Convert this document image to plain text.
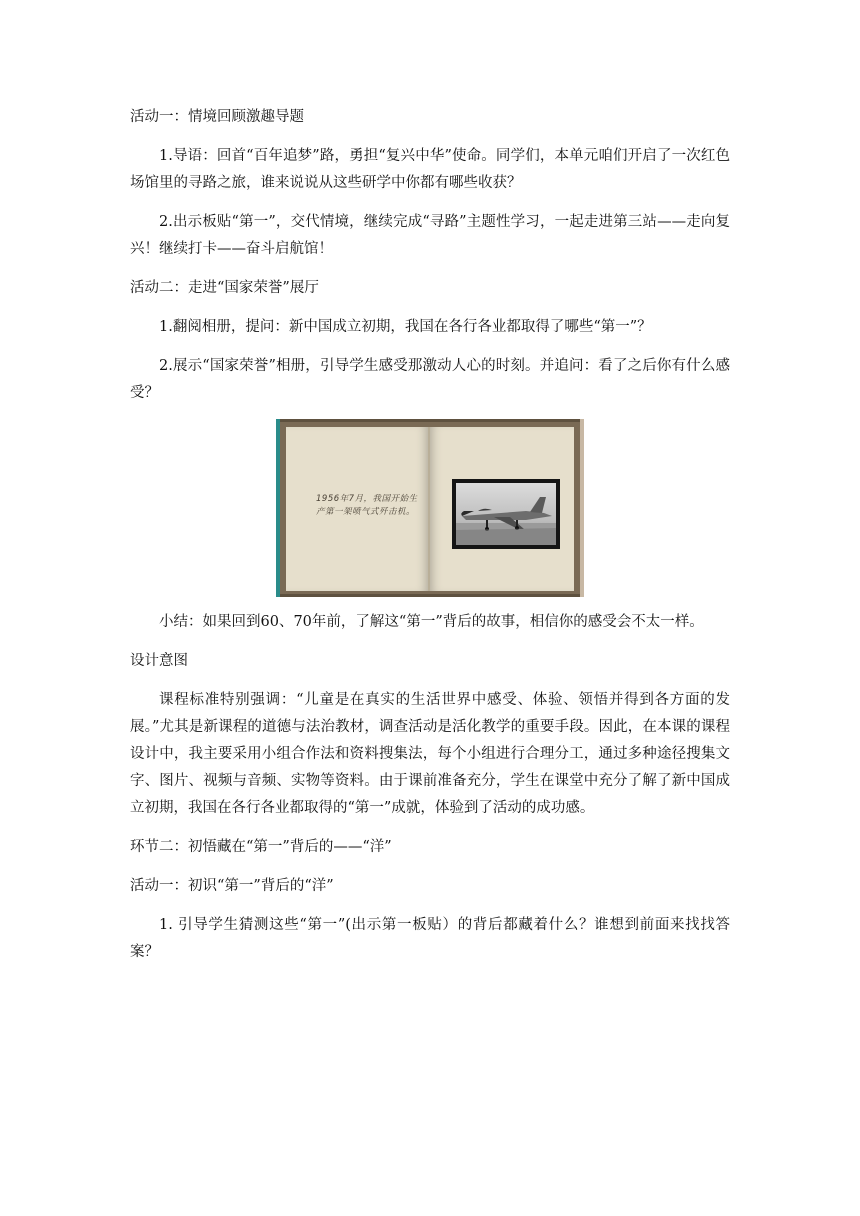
活动一：情境回顾激趣导题

1.导语：回首“百年追梦”路，勇担“复兴中华”使命。同学们，本单元咱们开启了一次红色场馆里的寻路之旅，谁来说说从这些研学中你都有哪些收获？

2.出示板贴“第一”，交代情境，继续完成“寻路”主题性学习，一起走进第三站——走向复兴！继续打卡——奋斗启航馆！

活动二：走进“国家荣誉”展厅

1.翻阅相册，提问：新中国成立初期，我国在各行各业都取得了哪些“第一”？

2.展示“国家荣誉”相册，引导学生感受那激动人心的时刻。并追问：看了之后你有什么感受？

1956年7月，我国开始生产第一架喷气式歼击机。

小结：如果回到60、70年前，了解这“第一”背后的故事，相信你的感受会不太一样。

设计意图

课程标准特别强调：“儿童是在真实的生活世界中感受、体验、领悟并得到各方面的发展。”尤其是新课程的道德与法治教材，调查活动是活化教学的重要手段。因此，在本课的课程设计中，我主要采用小组合作法和资料搜集法，每个小组进行合理分工，通过多种途径搜集文字、图片、视频与音频、实物等资料。由于课前准备充分，学生在课堂中充分了解了新中国成立初期，我国在各行各业都取得的“第一”成就，体验到了活动的成功感。

环节二：初悟藏在“第一”背后的——“洋”

活动一：初识“第一”背后的“洋”

1. 引导学生猜测这些“第一”(出示第一板贴）的背后都藏着什么？谁想到前面来找找答案？
